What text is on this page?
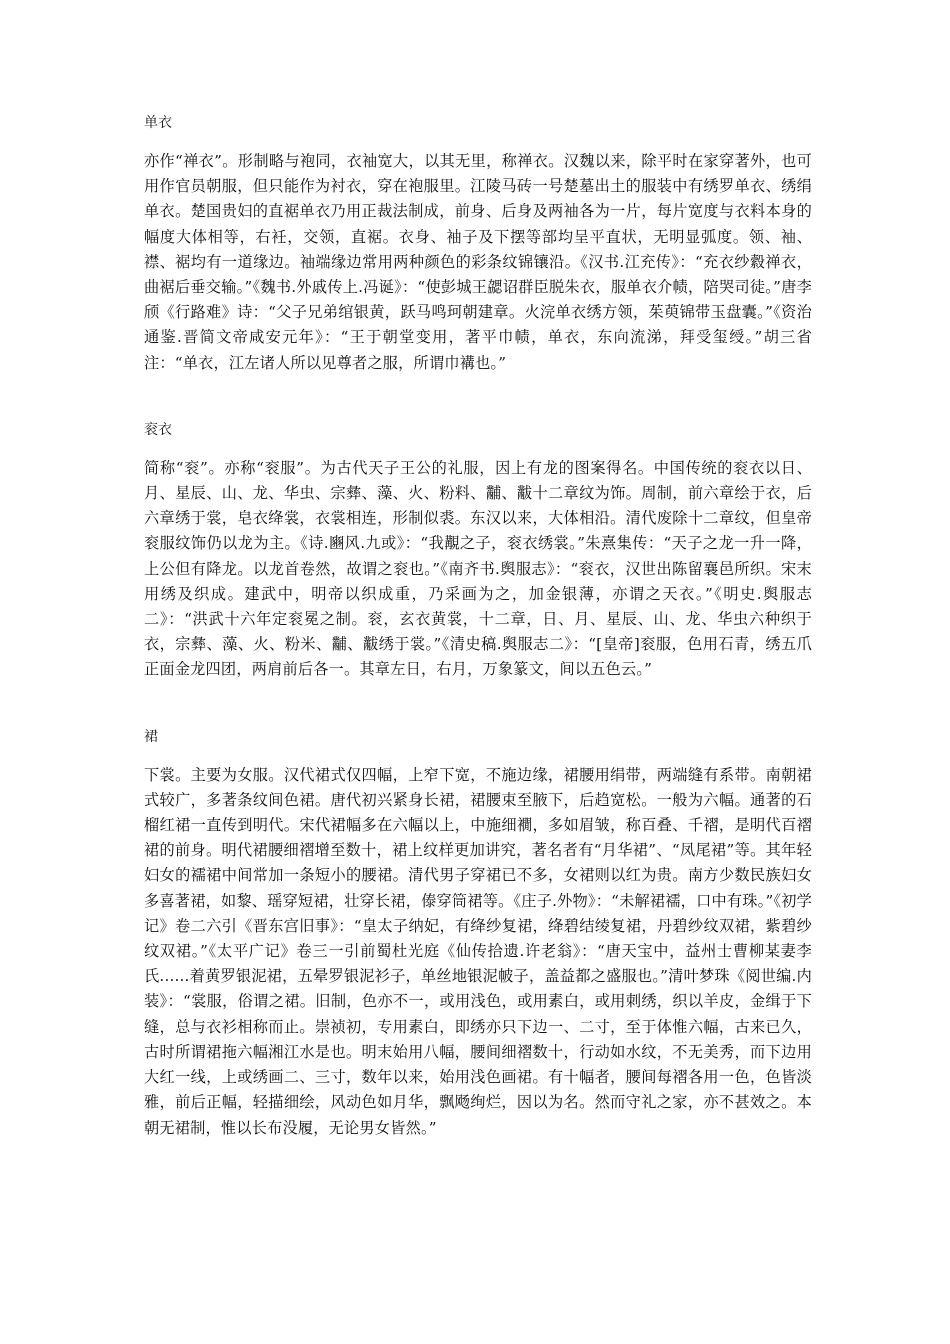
单衣

亦作“禅衣”。形制略与袍同，衣袖宽大，以其无里，称禅衣。汉魏以来，除平时在家穿著外，也可用作官员朝服，但只能作为衬衣，穿在袍服里。江陵马砖一号楚墓出土的服装中有绣罗单衣、绣绢单衣。楚国贵妇的直裾单衣乃用正裁法制成，前身、后身及两袖各为一片，每片宽度与衣料本身的幅度大体相等，右衽，交领，直裾。衣身、袖子及下摆等部均呈平直状，无明显弧度。领、袖、襟、裾均有一道缘边。袖端缘边常用两种颜色的彩条纹锦镶沿。《汉书.江充传》：“充衣纱縠禅衣，曲裾后垂交输。”《魏书.外戚传上.冯诞》：“使彭城王勰诏群臣脱朱衣，服单衣介帻，陪哭司徒。”唐李颀《行路难》诗：“父子兄弟绾银黄，跃马鸣珂朝建章。火浣单衣绣方领，茱萸锦带玉盘囊。”《资治通鉴.晋简文帝咸安元年》：“王于朝堂变用，著平巾帻，单衣，东向流涕，拜受玺绶。”胡三省注：“单衣，江左诸人所以见尊者之服，所谓巾褠也。”

衮衣

简称“衮”。亦称“衮服”。为古代天子王公的礼服，因上有龙的图案得名。中国传统的衮衣以日、月、星辰、山、龙、华虫、宗彝、藻、火、粉料、黼、黻十二章纹为饰。周制，前六章绘于衣，后六章绣于裳，皂衣绛裳，衣裳相连，形制似裘。东汉以来，大体相沿。清代废除十二章纹，但皇帝衮服纹饰仍以龙为主。《诗.豳风.九或》：“我覯之子，衮衣绣裳。”朱熹集传：“天子之龙一升一降，上公但有降龙。以龙首卷然，故谓之衮也。”《南齐书.舆服志》：“衮衣，汉世出陈留襄邑所织。宋末用绣及织成。建武中，明帝以织成重，乃采画为之，加金银薄，亦谓之天衣。”《明史.舆服志二》：“洪武十六年定衮冕之制。衮，玄衣黄裳，十二章，日、月、星辰、山、龙、华虫六种织于衣，宗彝、藻、火、粉米、黼、黻绣于裳。”《清史稿.舆服志二》：“[皇帝]衮服，色用石青，绣五爪正面金龙四团，两肩前后各一。其章左日，右月，万象篆文，间以五色云。”

裙

下裳。主要为女服。汉代裙式仅四幅，上窄下宽，不施边缘，裙腰用绢带，两端缝有系带。南朝裙式较广，多著条纹间色裙。唐代初兴紧身长裙，裙腰束至腋下，后趋宽松。一般为六幅。通著的石榴红裙一直传到明代。宋代裙幅多在六幅以上，中施细襉，多如眉皱，称百叠、千褶，是明代百褶裙的前身。明代裙腰细褶增至数十，裙上纹样更加讲究，著名者有“月华裙”、“凤尾裙”等。其年轻妇女的襦裙中间常加一条短小的腰裙。清代男子穿裙已不多，女裙则以红为贵。南方少数民族妇女多喜著裙，如黎、瑶穿短裙，壮穿长裙，傣穿筒裙等。《庄子.外物》：“未解裙襦，口中有珠。”《初学记》卷二六引《晋东宫旧事》：“皇太子纳妃，有绛纱复裙，绛碧结绫复裙，丹碧纱纹双裙，紫碧纱纹双裙。”《太平广记》卷三一引前蜀杜光庭《仙传拾遗.许老翁》：“唐天宝中，益州士曹柳某妻李氏......着黄罗银泥裙，五晕罗银泥衫子，单丝地银泥帔子，盖益都之盛服也。”清叶梦珠《阅世编.内装》：“裳服，俗谓之裙。旧制，色亦不一，或用浅色，或用素白，或用刺绣，织以羊皮，金缉于下缝，总与衣衫相称而止。崇祯初，专用素白，即绣亦只下边一、二寸，至于体惟六幅，古来已久，古时所谓裙拖六幅湘江水是也。明末始用八幅，腰间细褶数十，行动如水纹，不无美秀，而下边用大红一线，上或绣画二、三寸，数年以来，始用浅色画裙。有十幅者，腰间每褶各用一色，色皆淡雅，前后正幅，轻描细绘，风动色如月华，飘飏绚烂，因以为名。然而守礼之家，亦不甚效之。本朝无裙制，惟以长布没履，无论男女皆然。”
